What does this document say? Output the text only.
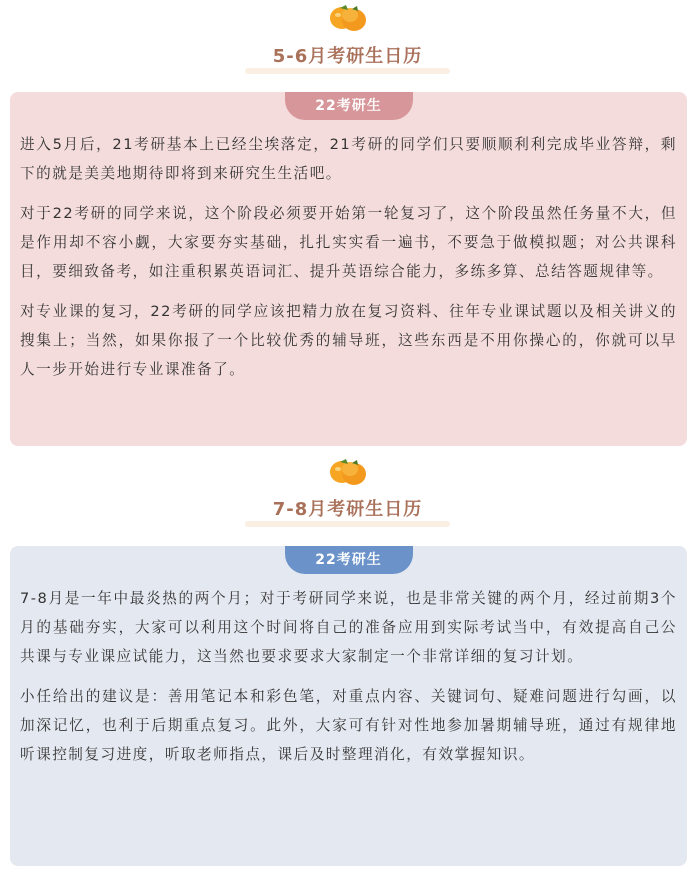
5-6月考研生日历
22考研生

进入5月后，21考研基本上已经尘埃落定，21考研的同学们只要顺顺利利完成毕业答辩，剩下的就是美美地期待即将到来研究生生活吧。

对于22考研的同学来说，这个阶段必须要开始第一轮复习了，这个阶段虽然任务量不大，但是作用却不容小觑，大家要夯实基础，扎扎实实看一遍书，不要急于做模拟题；对公共课科目，要细致备考，如注重积累英语词汇、提升英语综合能力，多练多算、总结答题规律等。

对专业课的复习，22考研的同学应该把精力放在复习资料、往年专业课试题以及相关讲义的搜集上；当然，如果你报了一个比较优秀的辅导班，这些东西是不用你操心的，你就可以早人一步开始进行专业课准备了。

7-8月考研生日历
22考研生

7-8月是一年中最炎热的两个月；对于考研同学来说，也是非常关键的两个月，经过前期3个月的基础夯实，大家可以利用这个时间将自己的准备应用到实际考试当中，有效提高自己公共课与专业课应试能力，这当然也要求要求大家制定一个非常详细的复习计划。

小任给出的建议是：善用笔记本和彩色笔，对重点内容、关键词句、疑难问题进行勾画，以加深记忆，也利于后期重点复习。此外，大家可有针对性地参加暑期辅导班，通过有规律地听课控制复习进度，听取老师指点，课后及时整理消化，有效掌握知识。
